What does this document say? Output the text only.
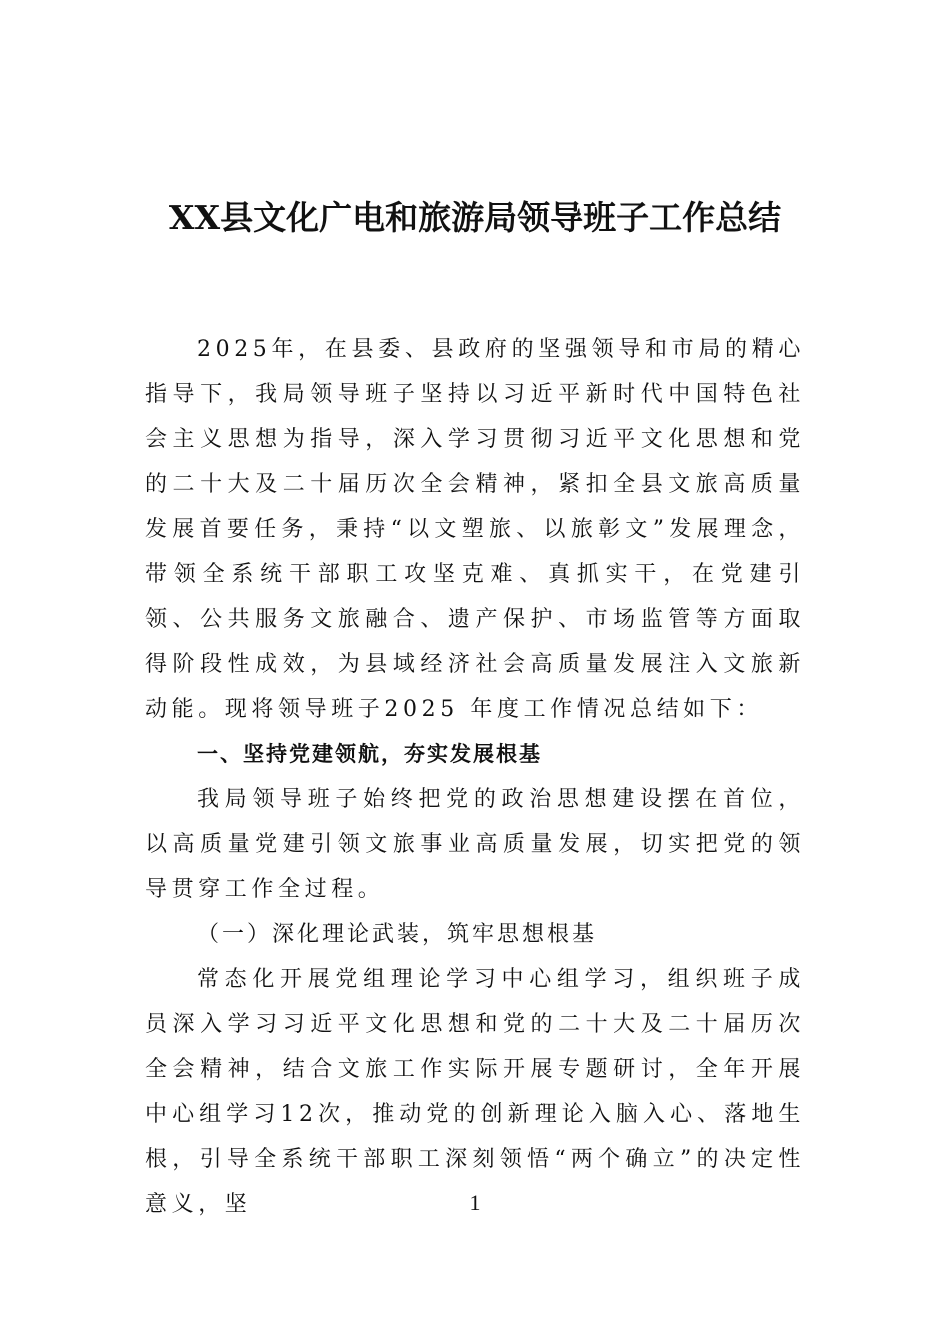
XX县文化广电和旅游局领导班子工作总结

2025年，在县委、县政府的坚强领导和市局的精心指导下，我局领导班子坚持以习近平新时代中国特色社会主义思想为指导，深入学习贯彻习近平文化思想和党的二十大及二十届历次全会精神，紧扣全县文旅高质量发展首要任务，秉持“以文塑旅、以旅彰文”发展理念，带领全系统干部职工攻坚克难、真抓实干，在党建引领、公共服务文旅融合、遗产保护、市场监管等方面取得阶段性成效，为县域经济社会高质量发展注入文旅新动能。现将领导班子2025 年度工作情况总结如下：

一、坚持党建领航，夯实发展根基

我局领导班子始终把党的政治思想建设摆在首位，以高质量党建引领文旅事业高质量发展，切实把党的领导贯穿工作全过程。

（一）深化理论武装，筑牢思想根基

常态化开展党组理论学习中心组学习，组织班子成员深入学习习近平文化思想和党的二十大及二十届历次全会精神，结合文旅工作实际开展专题研讨，全年开展中心组学习12次，推动党的创新理论入脑入心、落地生根，引导全系统干部职工深刻领悟“两个确立”的决定性意义，坚	1
